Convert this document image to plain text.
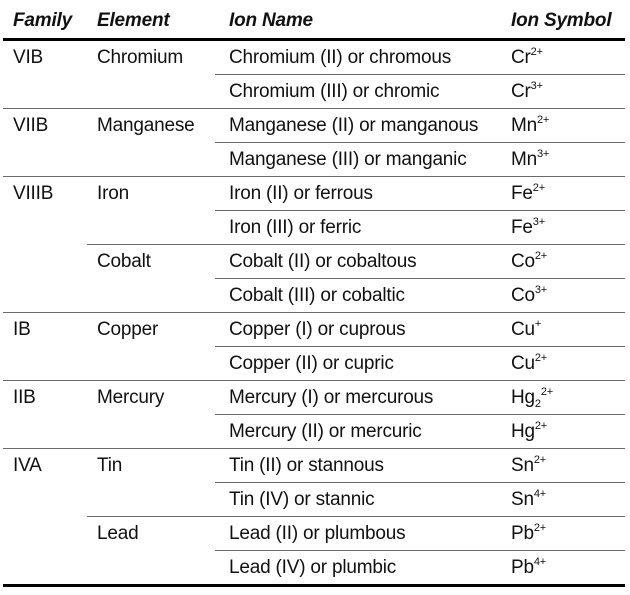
Family	Element	Ion Name	Ion Symbol
VIB	Chromium	Chromium (II) or chromous	$Cr^{2+}$
		Chromium (III) or chromic	$Cr^{3+}$
VIIB	Manganese	Manganese (II) or manganous	$Mn^{2+}$
		Manganese (III) or manganic	$Mn^{3+}$
VIIIB	Iron	Iron (II) or ferrous	$Fe^{2+}$
		Iron (III) or ferric	$Fe^{3+}$
	Cobalt	Cobalt (II) or cobaltous	$Co^{2+}$
		Cobalt (III) or cobaltic	$Co^{3+}$
IB	Copper	Copper (I) or cuprous	Cu+
		Copper (II) or cupric	$Cu^{2+}$
IIB	Mercury	Mercury (I) or mercurous	$Hg_2^{2+}$
		Mercury (II) or mercuric	$Hg^{2+}$
IVA	Tin	Tin (II) or stannous	$Sn^{2+}$
		Tin (IV) or stannic	$Sn^{4+}$
	Lead	Lead (II) or plumbous	$Pb^{2+}$
		Lead (IV) or plumbic	$Pb^{4+}$
